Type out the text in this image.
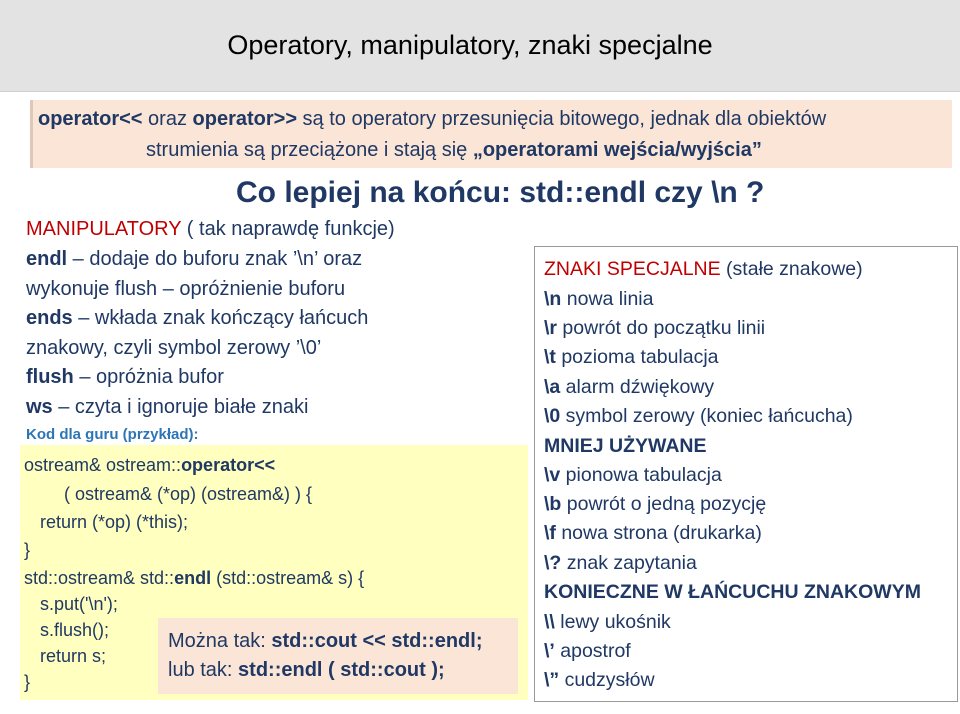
Operatory, manipulatory, znaki specjalne
operator<< oraz operator>> są to operatory przesunięcia bitowego, jednak dla obiektów
strumienia są przeciążone i stają się „operatorami wejścia/wyjścia”
Co lepiej na końcu: std::endl czy \n ?
MANIPULATORY ( tak naprawdę funkcje)
endl – dodaje do buforu znak ’\n’ oraz
wykonuje flush – opróżnienie buforu
ends – wkłada znak kończący łańcuch
znakowy, czyli symbol zerowy ’\0’
flush – opróżnia bufor
ws – czyta i ignoruje białe znaki
Kod dla guru (przykład):
ostream& ostream::operator<<
( ostream& (*op) (ostream&) ) {
return (*op) (*this);
}
std::ostream& std::endl (std::ostream& s) {
s.put('\n');
s.flush();
return s;
}
Można tak: std::cout << std::endl;
lub tak: std::endl ( std::cout );
ZNAKI SPECJALNE (stałe znakowe)
\n nowa linia
\r powrót do początku linii
\t pozioma tabulacja
\a alarm dźwiękowy
\0 symbol zerowy (koniec łańcucha)
MNIEJ UŻYWANE
\v pionowa tabulacja
\b powrót o jedną pozycję
\f nowa strona (drukarka)
\? znak zapytania
KONIECZNE W ŁAŃCUCHU ZNAKOWYM
\\ lewy ukośnik
\’ apostrof
\” cudzysłów
